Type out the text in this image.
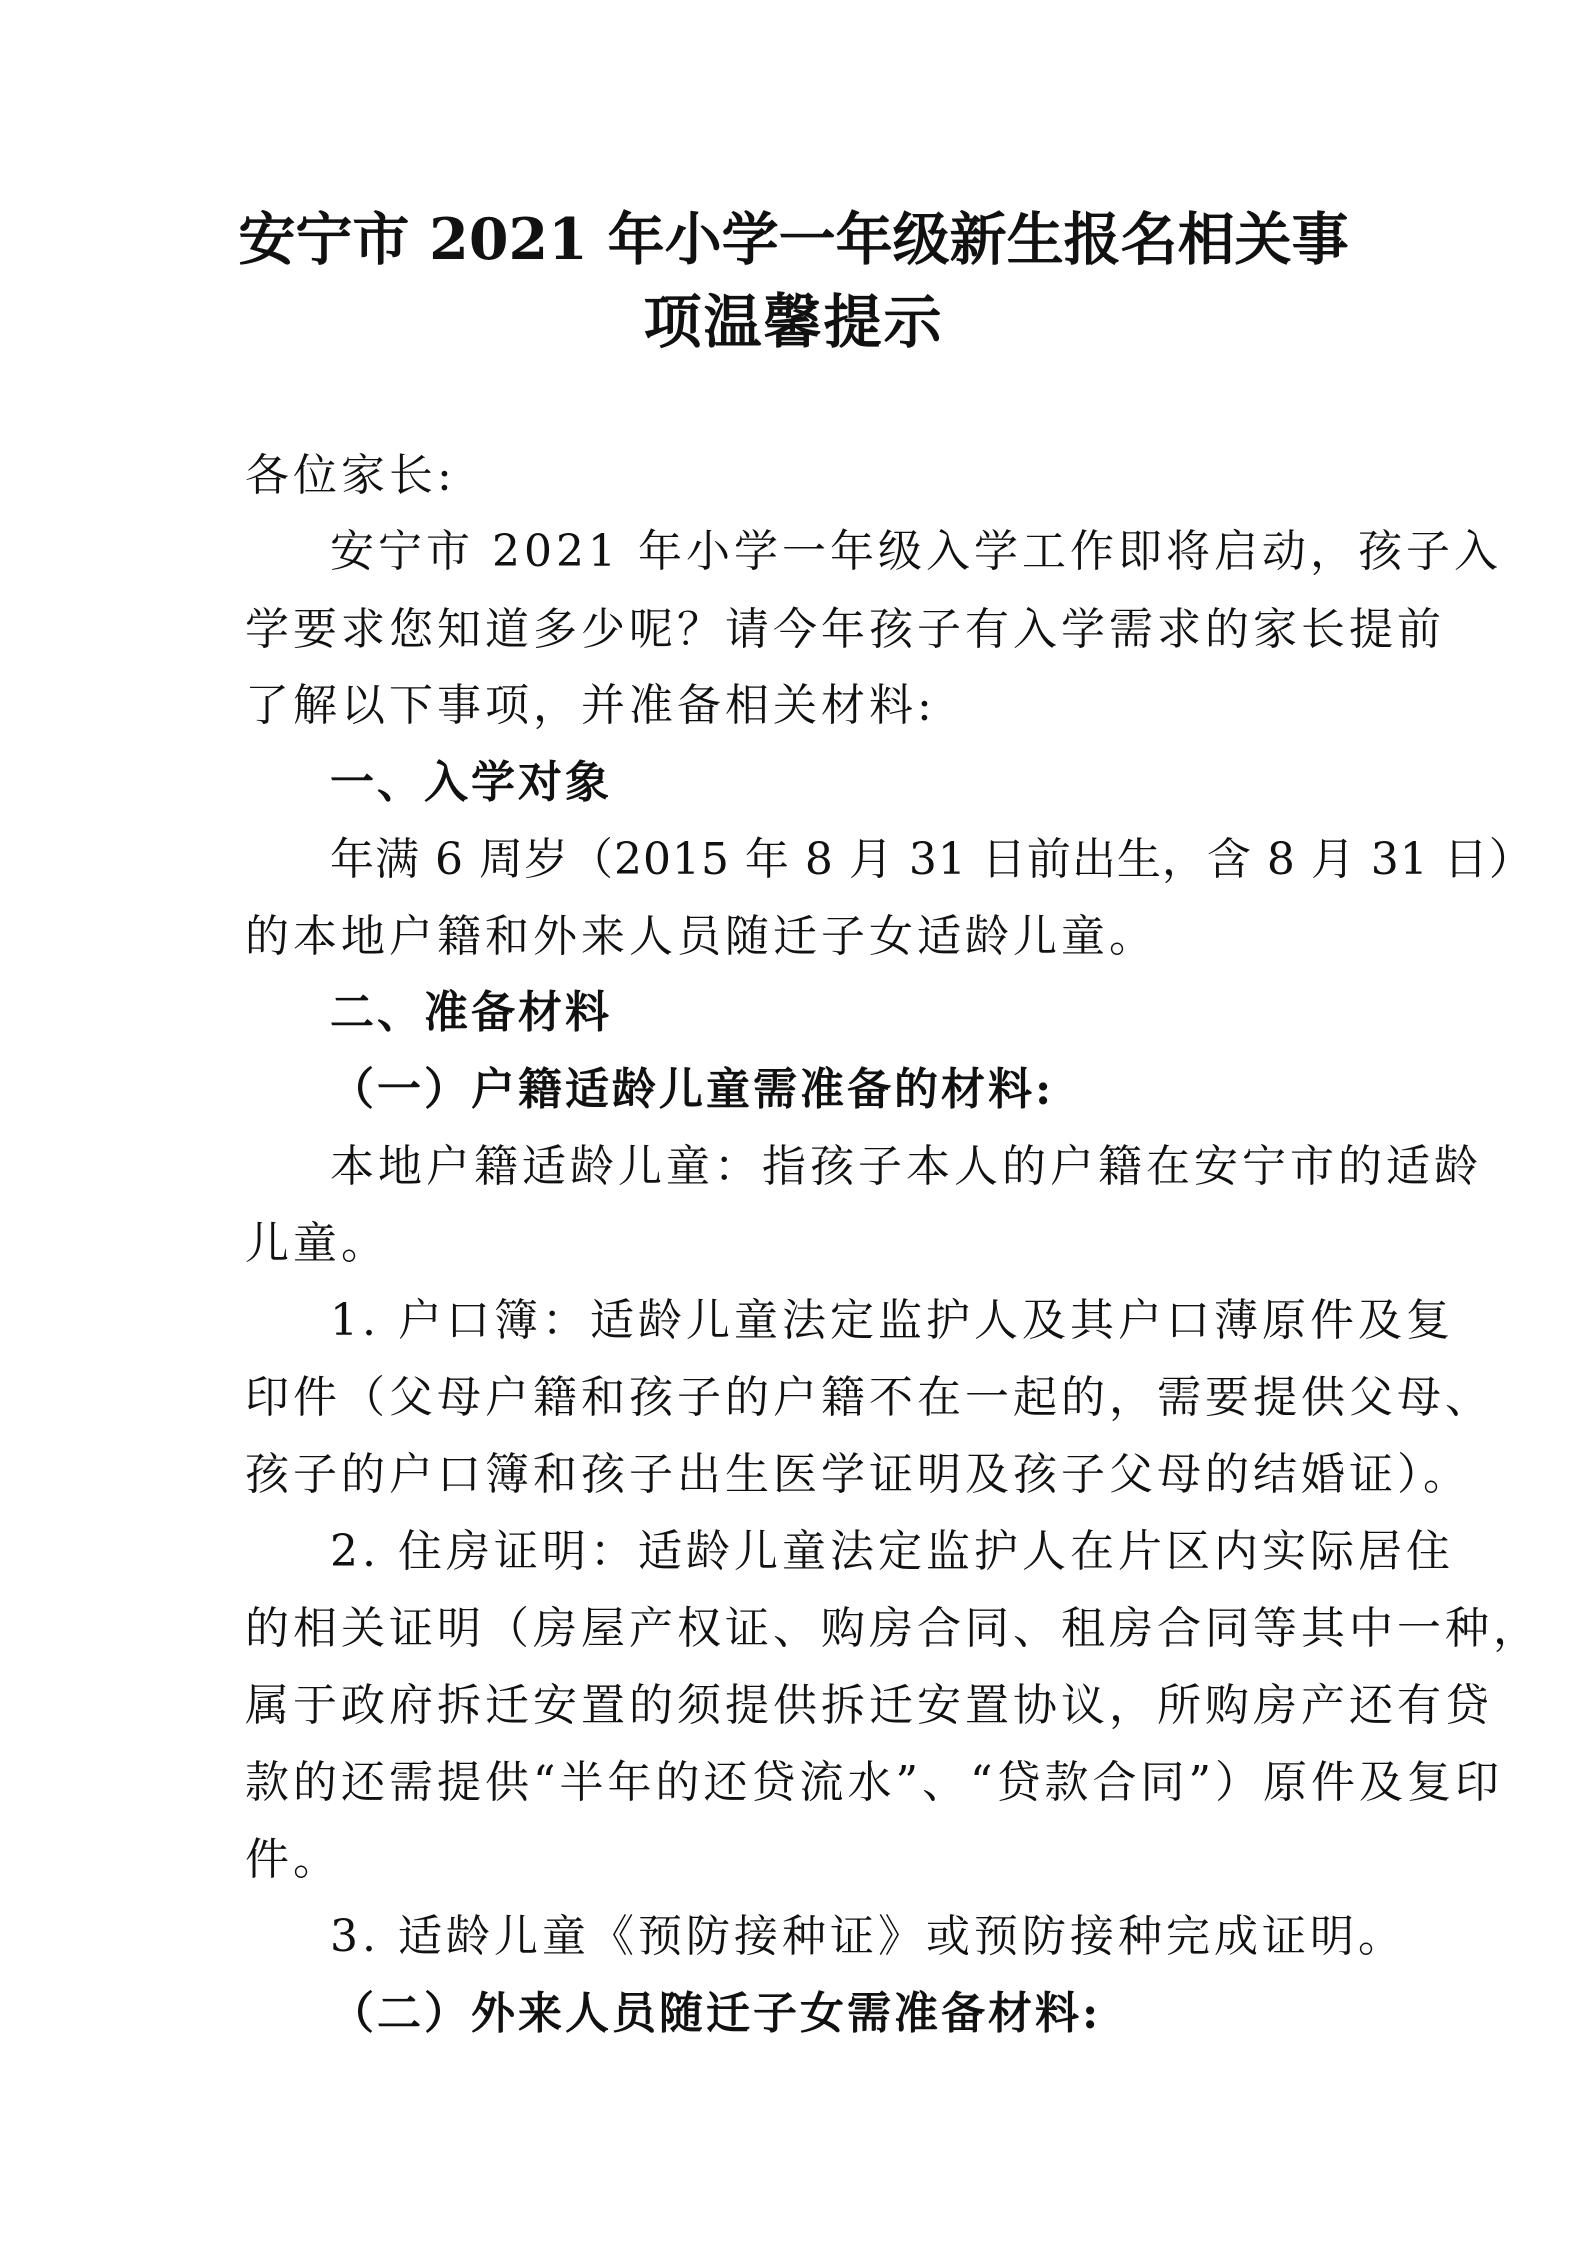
安宁市 2021 年小学一年级新生报名相关事
项温馨提示
各位家长:
安宁市 2021 年小学一年级入学工作即将启动，孩子入
学要求您知道多少呢？请今年孩子有入学需求的家长提前
了解以下事项，并准备相关材料:
一、入学对象
年满 6 周岁（2015 年 8 月 31 日前出生，含 8 月 31 日）
的本地户籍和外来人员随迁子女适龄儿童。
二、准备材料
（一）户籍适龄儿童需准备的材料:
本地户籍适龄儿童：指孩子本人的户籍在安宁市的适龄
儿童。
1. 户口簿：适龄儿童法定监护人及其户口薄原件及复
印件（父母户籍和孩子的户籍不在一起的，需要提供父母、
孩子的户口簿和孩子出生医学证明及孩子父母的结婚证）。
2. 住房证明：适龄儿童法定监护人在片区内实际居住
的相关证明（房屋产权证、购房合同、租房合同等其中一种，
属于政府拆迁安置的须提供拆迁安置协议，所购房产还有贷
款的还需提供“半年的还贷流水”、“贷款合同”）原件及复印
件。
3. 适龄儿童《预防接种证》或预防接种完成证明。
（二）外来人员随迁子女需准备材料:
